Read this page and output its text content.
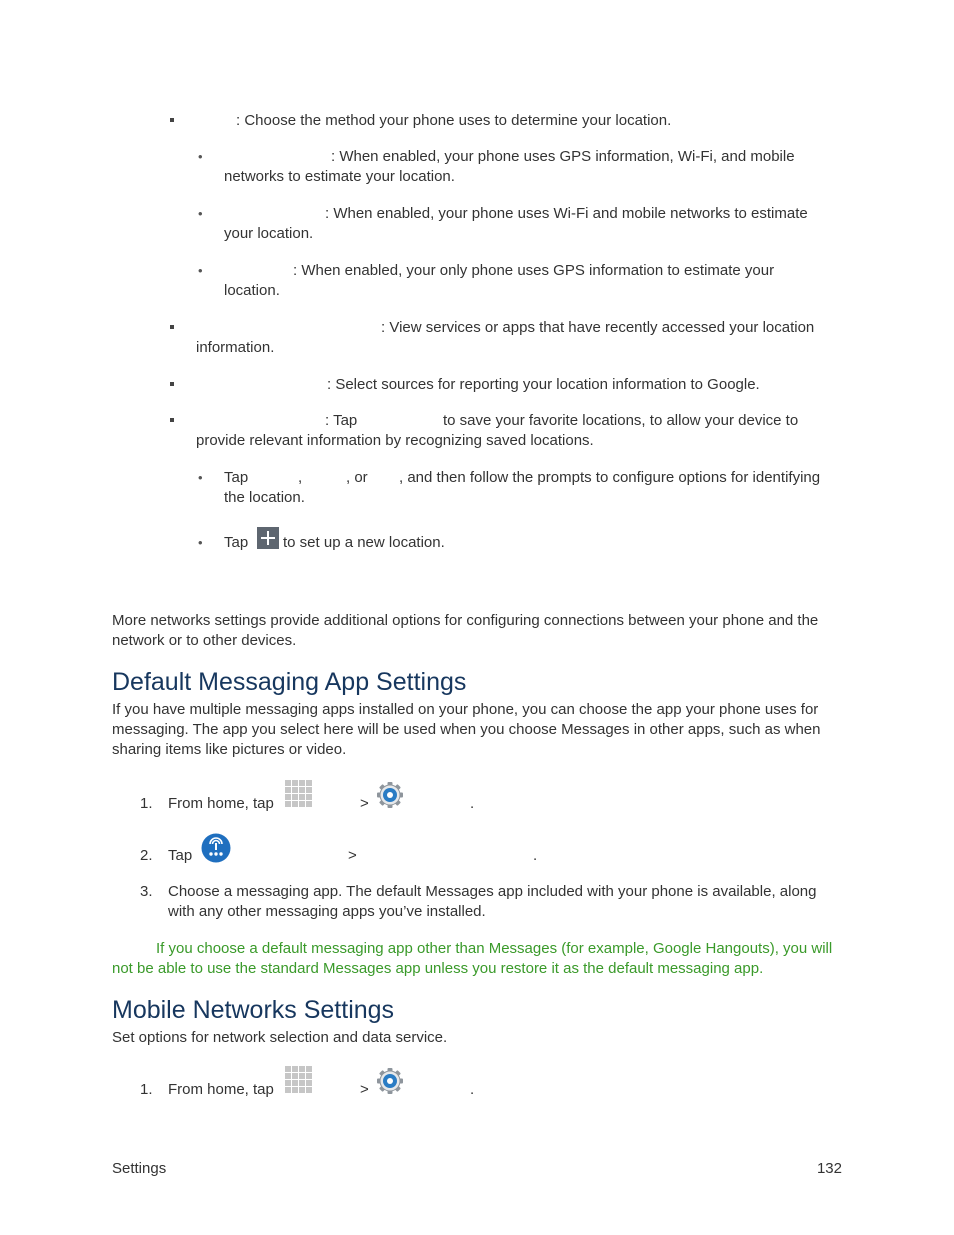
: Choose the method your phone uses to determine your location.
•	: When enabled, your phone uses GPS information, Wi-Fi, and mobile networks to estimate your location.
•	: When enabled, your phone uses Wi-Fi and mobile networks to estimate your location.
•	: When enabled, your only phone uses GPS information to estimate your location.
: View services or apps that have recently accessed your location information.
: Select sources for reporting your location information to Google.
: Tap	to save your favorite locations, to allow your device to provide relevant information by recognizing saved locations.
• Tap	,	, or	, and then follow the prompts to configure options for identifying the location.
• Tap to set up a new location.
More networks settings provide additional options for configuring connections between your phone and the network or to other devices.
Default Messaging App Settings
If you have multiple messaging apps installed on your phone, you can choose the app your phone uses for messaging. The app you select here will be used when you choose Messages in other apps, such as when sharing items like pictures or video.
1. From home, tap	>	.
2. Tap	>	.
3. Choose a messaging app. The default Messages app included with your phone is available, along with any other messaging apps you’ve installed.
If you choose a default messaging app other than Messages (for example, Google Hangouts), you will not be able to use the standard Messages app unless you restore it as the default messaging app.
Mobile Networks Settings
Set options for network selection and data service.
1. From home, tap	>	.
Settings	132
